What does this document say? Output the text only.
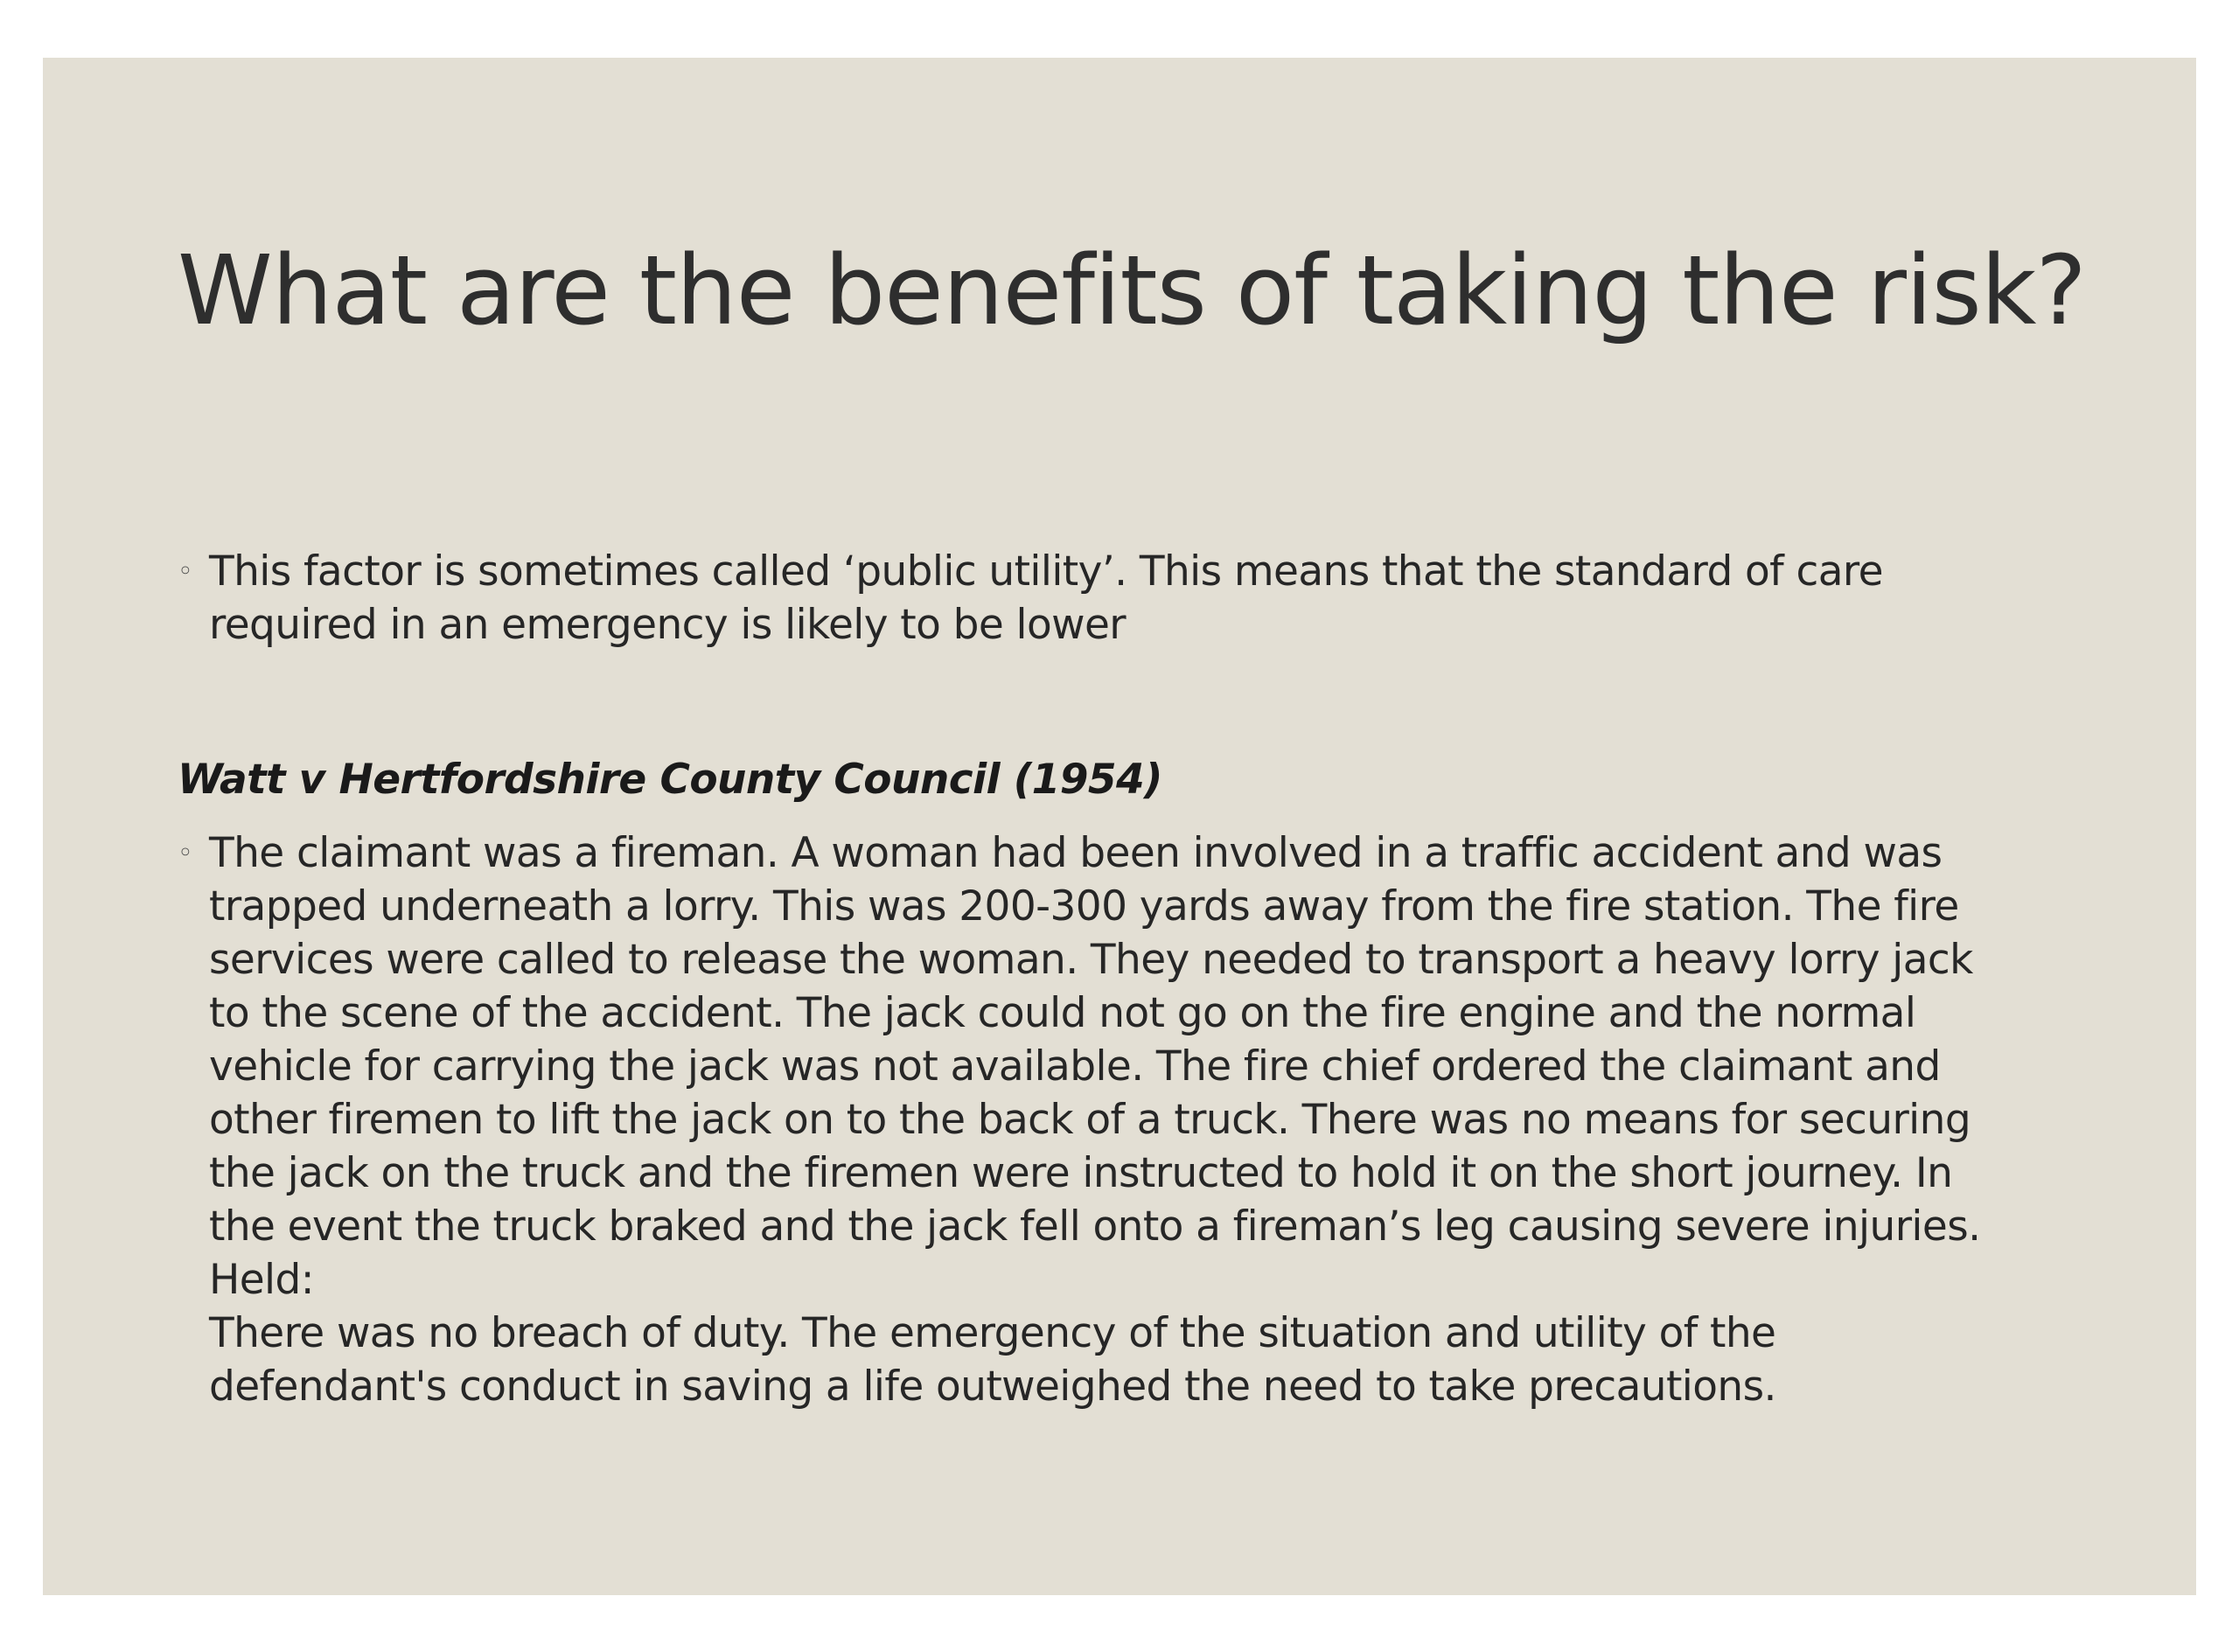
What are the benefits of taking the risk?
◦ This factor is sometimes called ‘public utility’. This means that the standard of care
required in an emergency is likely to be lower
Watt v Hertfordshire County Council (1954)
◦ The claimant was a fireman. A woman had been involved in a traffic accident and was
trapped underneath a lorry. This was 200-300 yards away from the fire station. The fire
services were called to release the woman. They needed to transport a heavy lorry jack
to the scene of the accident. The jack could not go on the fire engine and the normal
vehicle for carrying the jack was not available. The fire chief ordered the claimant and
other firemen to lift the jack on to the back of a truck. There was no means for securing
the jack on the truck and the firemen were instructed to hold it on the short journey. In
the event the truck braked and the jack fell onto a fireman’s leg causing severe injuries.
Held:
There was no breach of duty. The emergency of the situation and utility of the
defendant's conduct in saving a life outweighed the need to take precautions.
